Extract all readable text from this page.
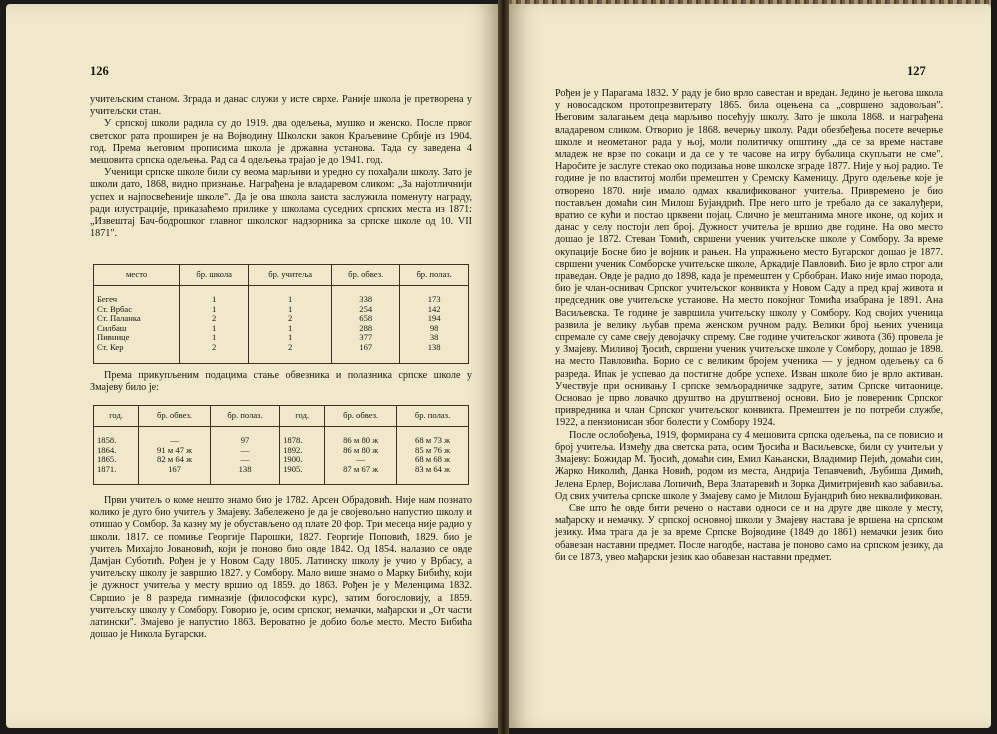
126

учитељским станом. Зграда и данас служи у исте сврхе. Раније школа је претворена у учитељски стан.

У српској школи радила су до 1919. два одељења, мушко и женско. После првог светског рата проширен је на Војводину Школски закон Краљевине Србије из 1904. год. Према његовим прописима школа је државна установа. Тада су заведена 4 мешовита српска одељења. Рад са 4 одељења трајао је до 1941. год.

Ученици српске школе били су веома марљиви и уредно су похађали школу. Зато је школи дато, 1868, видно признање. Награђена је владаревом сликом: „За најотличнији успех и најпосвећеније школе". Да је ова школа заиста заслужила поменуту награду, ради илустрације, приказаћемо прилике у школама суседних српских места из 1871: „Извештај Бач-бодрошког главног школског надзорника за српске школе од 10. VII 1871".

место	бр. школа	бр. учитеља	бр. обвез.	бр. полаз.
Бегеч	1	1	338	173
Ст. Врбас	1	1	254	142
Ст. Паланка	2	2	658	194
Силбаш	1	1	288	98
Пивнице	1	1	377	38
Ст. Кер	2	2	167	138

Према прикупљеним подацима стање обвезника и полазника српске школе у Змајеву било је:

год.	бр. обвез.	бр. полаз.	год.	бр. обвез.	бр. полаз.
1858.	—	97	1878.	86 м 80 ж	68 м 73 ж
1864.	91 м 47 ж	—	1892.	86 м 80 ж	85 м 76 ж
1865.	82 м 64 ж	—	1900.	—	68 м 68 ж
1871.	167	138	1905.	87 м 67 ж	83 м 64 ж

Први учитељ о коме нешто знамо био је 1782. Арсен Обрадовић. Није нам познато колико је дуго био учитељ у Змајеву. Забележено је да је својевољно напустио школу и отишао у Сомбор. За казну му је обустављено од плате 20 фор. Три месеца није радио у школи. 1817. се помиње Георгије Парошки, 1827. Георгије Поповић, 1829. био је учитељ Михајло Јовановић, који је поново био овде 1842. Од 1854. налазио се овде Дамјан Суботић. Рођен је у Новом Саду 1805. Латинску школу је учио у Врбасу, а учитељску школу је завршио 1827. у Сомбору. Мало више знамо о Марку Бибићу, који је дужност учитеља у месту вршио од 1859. до 1863. Рођен је у Меленцима 1832. Свршио је 8 разреда гимназије (философски курс), затим богословију, а 1859. учитељску школу у Сомбору. Говорио је, осим српског, немачки, мађарски и „От части латински". Змајево је напустио 1863. Вероватно је добио боље место. Место Бибића дошао је Никола Бугарски.

127

Рођен је у Парагама 1832. У раду је био врло савестан и вредан. Једино је његова школа у новосадском протопрезвитерату 1865. била оцењена са „совршено задовољан". Његовим залагањем деца марљиво посећују школу. Зато је школа 1868. и награђена владаревом сликом. Отворио је 1868. вечерњу школу. Ради обезбеђења посете вечерње школе и неометаног рада у њој, моли политичку општину „да се за време наставе младеж не врзе по сокаци и да се у те часове на игру бубалица скупљати не сме". Нароčите је заслуге стекао око подизања нове школске зграде 1877. Није у њој радио. Те године је по властитој молби премештен у Сремску Каменицу. Друго одељење које је отворено 1870. није имало одмах квалификованог учитеља. Привремено је био постављен домаћи син Милош Бујандрић. Пре него што је требало да се закалуђери, вратио се кући и постао црквени појац. Слично је мештанима многе иконе, од којих и данас у селу постоји леп број. Дужност учитеља је вршио две године. На ово место дошао је 1872. Стеван Томић, свршени ученик учитељске школе у Сомбору. За време окупације Босне био је војник и рањен. На упражњено место Бугарског дошао је 1877. свршени ученик Сомборске учитељске школе, Аркадије Павловић. Био је врло строг али праведан. Овде је радио до 1898, када је премештен у Србобран. Иако није имао порода, био је члан-оснивач Српског учитељског конвикта у Новом Саду а пред крај живота и председник ове учитељске установе. На место покојног Томића изабрана је 1891. Ана Васиљевска. Те године је завршила учитељску школу у Сомбору. Код својих ученица развила је велику љубав према женском ручном раду. Велики број њених ученица спремале су саме свеју девојачку спрему. Све године учитељског живота (36) провела је у Змајеву. Миливој Ђосић, свршени ученик учитељске школе у Сомбору, дошао је 1898. на место Павловића. Борио се с великим бројем ученика — у једном одељењу са 6 разреда. Ипак је успевао да постигне добре успехе. Изван школе био је врло активан. Учествује при оснивању I српске земљорадничке задруге, затим Српске читаонице. Основао је прво ловачко друштво на друштвеној основи. Био је повереник Српског привредника и члан Српског учитељског конвикта. Премештен је по потреби службе, 1922, а пензионисан због болести у Сомбору 1924.

После ослобођења, 1919, формирана су 4 мешовита српска одељења, па се повисио и број учитеља. Између два светска рата, осим Ђосића и Васиљевске, били су учитељи у Змајеву: Божидар М. Ђосић, домаћи син, Емил Кањански, Владимир Пејић, домаћи син, Жарко Николић, Данка Новић, родом из места, Андрија Тепавчевић, Љубиша Димић, Јелена Ерлер, Војислава Лопичић, Вера Златаревић и Зорка Димитријевић као забавиља. Од свих учитеља српске школе у Змајеву само је Милош Бујандрић био неквалификован.

Све што ће овде бити речено о настави односи се и на друге две школе у месту, мађарску и немачку. У српској основној школи у Змајеву настава је вршена на српском језику. Има трага да је за време Српске Војводине (1849 до 1861) немачки језик био обавезан наставни предмет. После нагодбе, настава је поново само на српском језику, да би се 1873, увео мађарски језик као обавезан наставни предмет.
